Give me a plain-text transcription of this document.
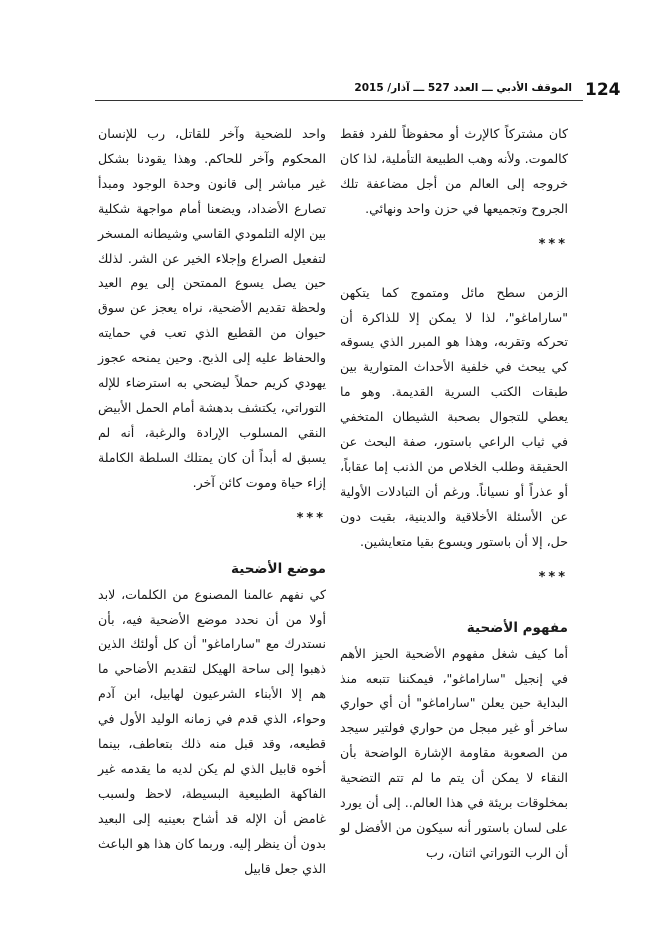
124
الموقف الأدبي ـــ العدد 527 ـــ آذار/ 2015

كان مشتركاً كالإرث أو محفوظاً للفرد فقط كالموت. ولأنه وهب الطبيعة التأملية، لذا كان خروجه إلى العالم من أجل مضاعفة تلك الجروح وتجميعها في حزن واحد ونهائي.

***

الزمن سطح مائل ومتموج كما يتكهن "ساراماغو"، لذا لا يمكن إلا للذاكرة أن تحركه وتقربه، وهذا هو المبرر الذي يسوقه كي يبحث في خلفية الأحداث المتوارية بين طبقات الكتب السرية القديمة. وهو ما يعطي للتجوال بصحبة الشيطان المتخفي في ثياب الراعي باستور، صفة البحث عن الحقيقة وطلب الخلاص من الذنب إما عقاباً، أو عذراً أو نسياناً. ورغم أن التبادلات الأولية عن الأسئلة الأخلاقية والدينية، بقيت دون حل، إلا أن باستور ويسوع بقيا متعايشين.

***
مفهوم الأضحية

أما كيف شغل مفهوم الأضحية الحيز الأهم في إنجيل "ساراماغو"، فيمكننا تتبعه منذ البداية حين يعلن "ساراماغو" أن أي حواري ساخر أو غير مبجل من حواري فولتير سيجد من الصعوبة مقاومة الإشارة الواضحة بأن النقاء لا يمكن أن يتم ما لم تتم التضحية بمخلوقات بريئة في هذا العالم.. إلى أن يورد على لسان باستور أنه سيكون من الأفضل لو أن الرب التوراتي اثنان، رب

واحد للضحية وآخر للقاتل، رب للإنسان المحكوم وآخر للحاكم. وهذا يقودنا بشكل غير مباشر إلى قانون وحدة الوجود ومبدأ تصارع الأضداد، ويضعنا أمام مواجهة شكلية بين الإله التلمودي القاسي وشيطانه المسخر لتفعيل الصراع وإجلاء الخير عن الشر. لذلك حين يصل يسوع الممتحن إلى يوم العيد ولحظة تقديم الأضحية، نراه يعجز عن سوق حيوان من القطيع الذي تعب في حمايته والحفاظ عليه إلى الذبح. وحين يمنحه عجوز يهودي كريم حملاً ليضحي به استرضاء للإله التوراتي، يكتشف بدهشة أمام الحمل الأبيض النقي المسلوب الإرادة والرغبة، أنه لم يسبق له أبداً أن كان يمتلك السلطة الكاملة إزاء حياة وموت كائن آخر.

***
موضع الأضحية

كي نفهم عالمنا المصنوع من الكلمات، لابد أولا من أن نحدد موضع الأضحية فيه، بأن نستدرك مع "ساراماغو" أن كل أولئك الذين ذهبوا إلى ساحة الهيكل لتقديم الأضاحي ما هم إلا الأبناء الشرعيون لهابيل، ابن آدم وحواء، الذي قدم في زمانه الوليد الأول في قطيعه، وقد قبل منه ذلك بتعاطف، بينما أخوه قابيل الذي لم يكن لديه ما يقدمه غير الفاكهة الطبيعية البسيطة، لاحظ ولسبب غامض أن الإله قد أشاح بعينيه إلى البعيد بدون أن ينظر إليه. وربما كان هذا هو الباعث الذي جعل قابيل
